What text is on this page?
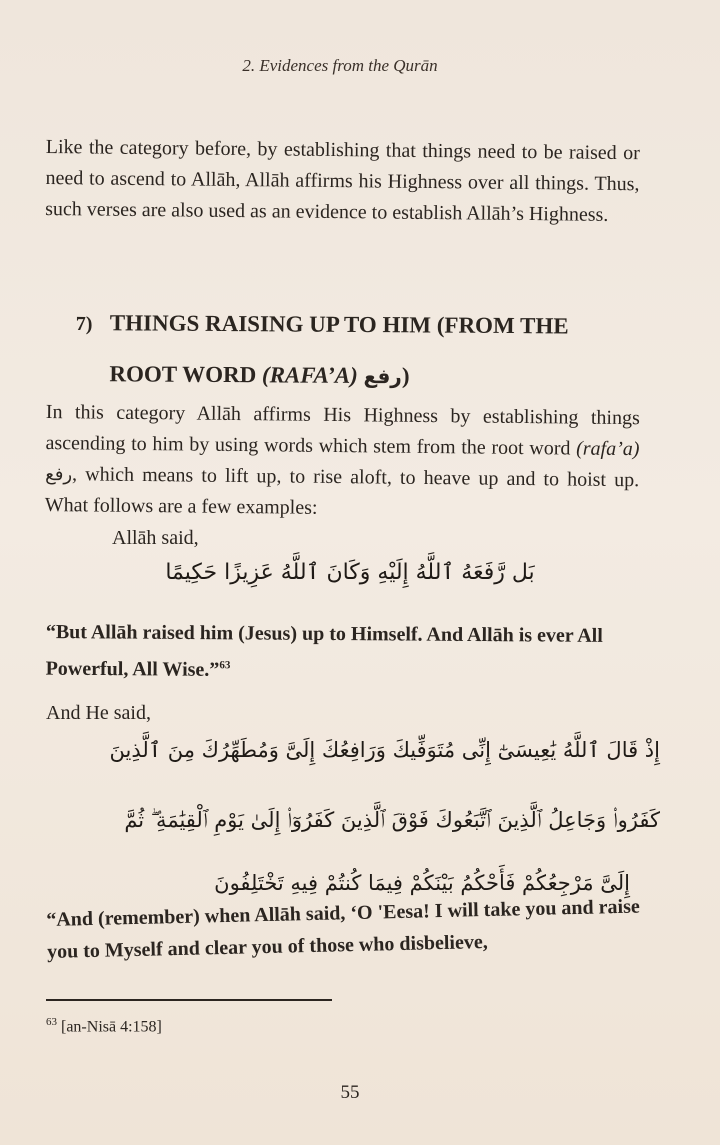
2. Evidences from the Qurān

Like the category before, by establishing that things need to be raised or need to ascend to Allāh, Allāh affirms his Highness over all things. Thus, such verses are also used as an evidence to establish Allāh’s Highness.

7) THINGS RAISING UP TO HIM (FROM THE
ROOT WORD (RAFA’A) رفع)

In this category Allāh affirms His Highness by establishing things ascending to him by using words which stem from the root word (rafa’a) رفع, which means to lift up, to rise aloft, to heave up and to hoist up. What follows are a few examples:

Allāh said,
بَل رَّفَعَهُ ٱللَّهُ إِلَيْهِ وَكَانَ ٱللَّهُ عَزِيزًا حَكِيمًا
“But Allāh raised him (Jesus) up to Himself. And Allāh is ever All Powerful, All Wise.”$^{63}$
And He said,
إِذْ قَالَ ٱللَّهُ يَٰعِيسَىٰٓ إِنِّى مُتَوَفِّيكَ وَرَافِعُكَ إِلَىَّ وَمُطَهِّرُكَ مِنَ ٱلَّذِينَ
كَفَرُوا۟ وَجَاعِلُ ٱلَّذِينَ ٱتَّبَعُوكَ فَوْقَ ٱلَّذِينَ كَفَرُوٓا۟ إِلَىٰ يَوْمِ ٱلْقِيَٰمَةِ ۖ ثُمَّ
إِلَىَّ مَرْجِعُكُمْ فَأَحْكُمُ بَيْنَكُمْ فِيمَا كُنتُمْ فِيهِ تَخْتَلِفُونَ
“And (remember) when Allāh said, ‘O 'Eesa! I will take you and raise you to Myself and clear you of those who disbelieve,
$^{63}$ [an-Nisā 4:158]
55
